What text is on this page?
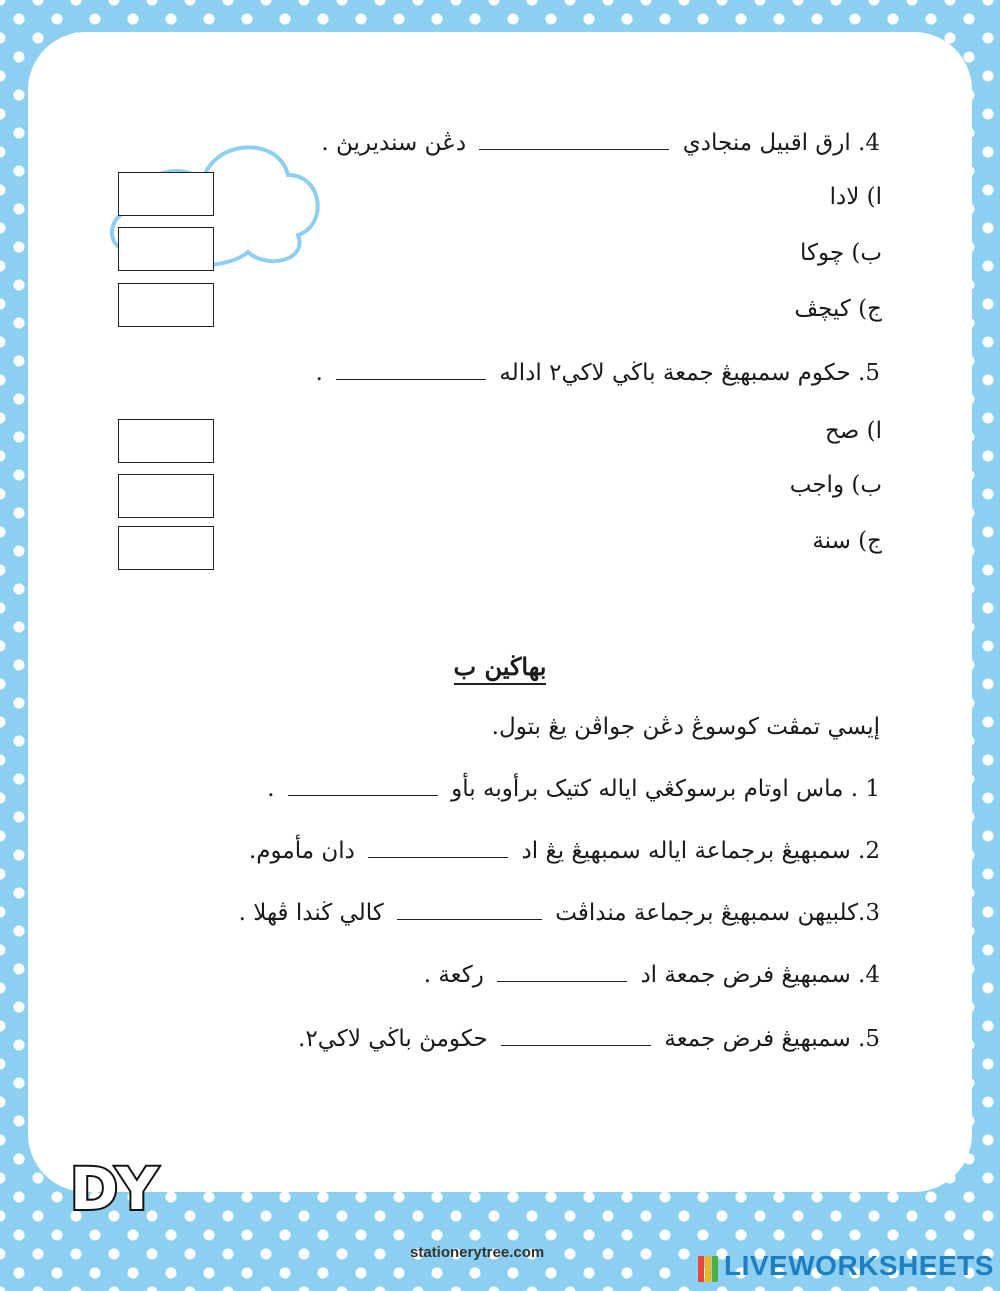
4. ارق اقبيل منجادي  دڠن سنديريڽ .
ا) لادا
ب) چوکا
ج) کيچڤ
5. حکوم سمبهيڠ جمعة باڬي لاکي٢ اداله  .
ا) صح
ب) واجب
ج) سنة
بهاڬين ب
إيسي تمڤت کوسوڠ دڠن جواڤن يڠ بتول.
1 . ماس اوتام برسوکڠي اياله کتيک برأوبه بأو  .
2. سمبهيڠ برجماعة اياله سمبهيڠ يڠ اد  دان مأموم.
3.کلبيهن سمبهيڠ برجماعة منداڤت  کالي ڬندا ڤهلا .
4. سمبهيڠ فرض جمعة اد  رکعة .
5. سمبهيڠ فرض جمعة  حکومڽ باڬي لاکي٢.
DY
stationerytree.com	LIVEWORKSHEETS
